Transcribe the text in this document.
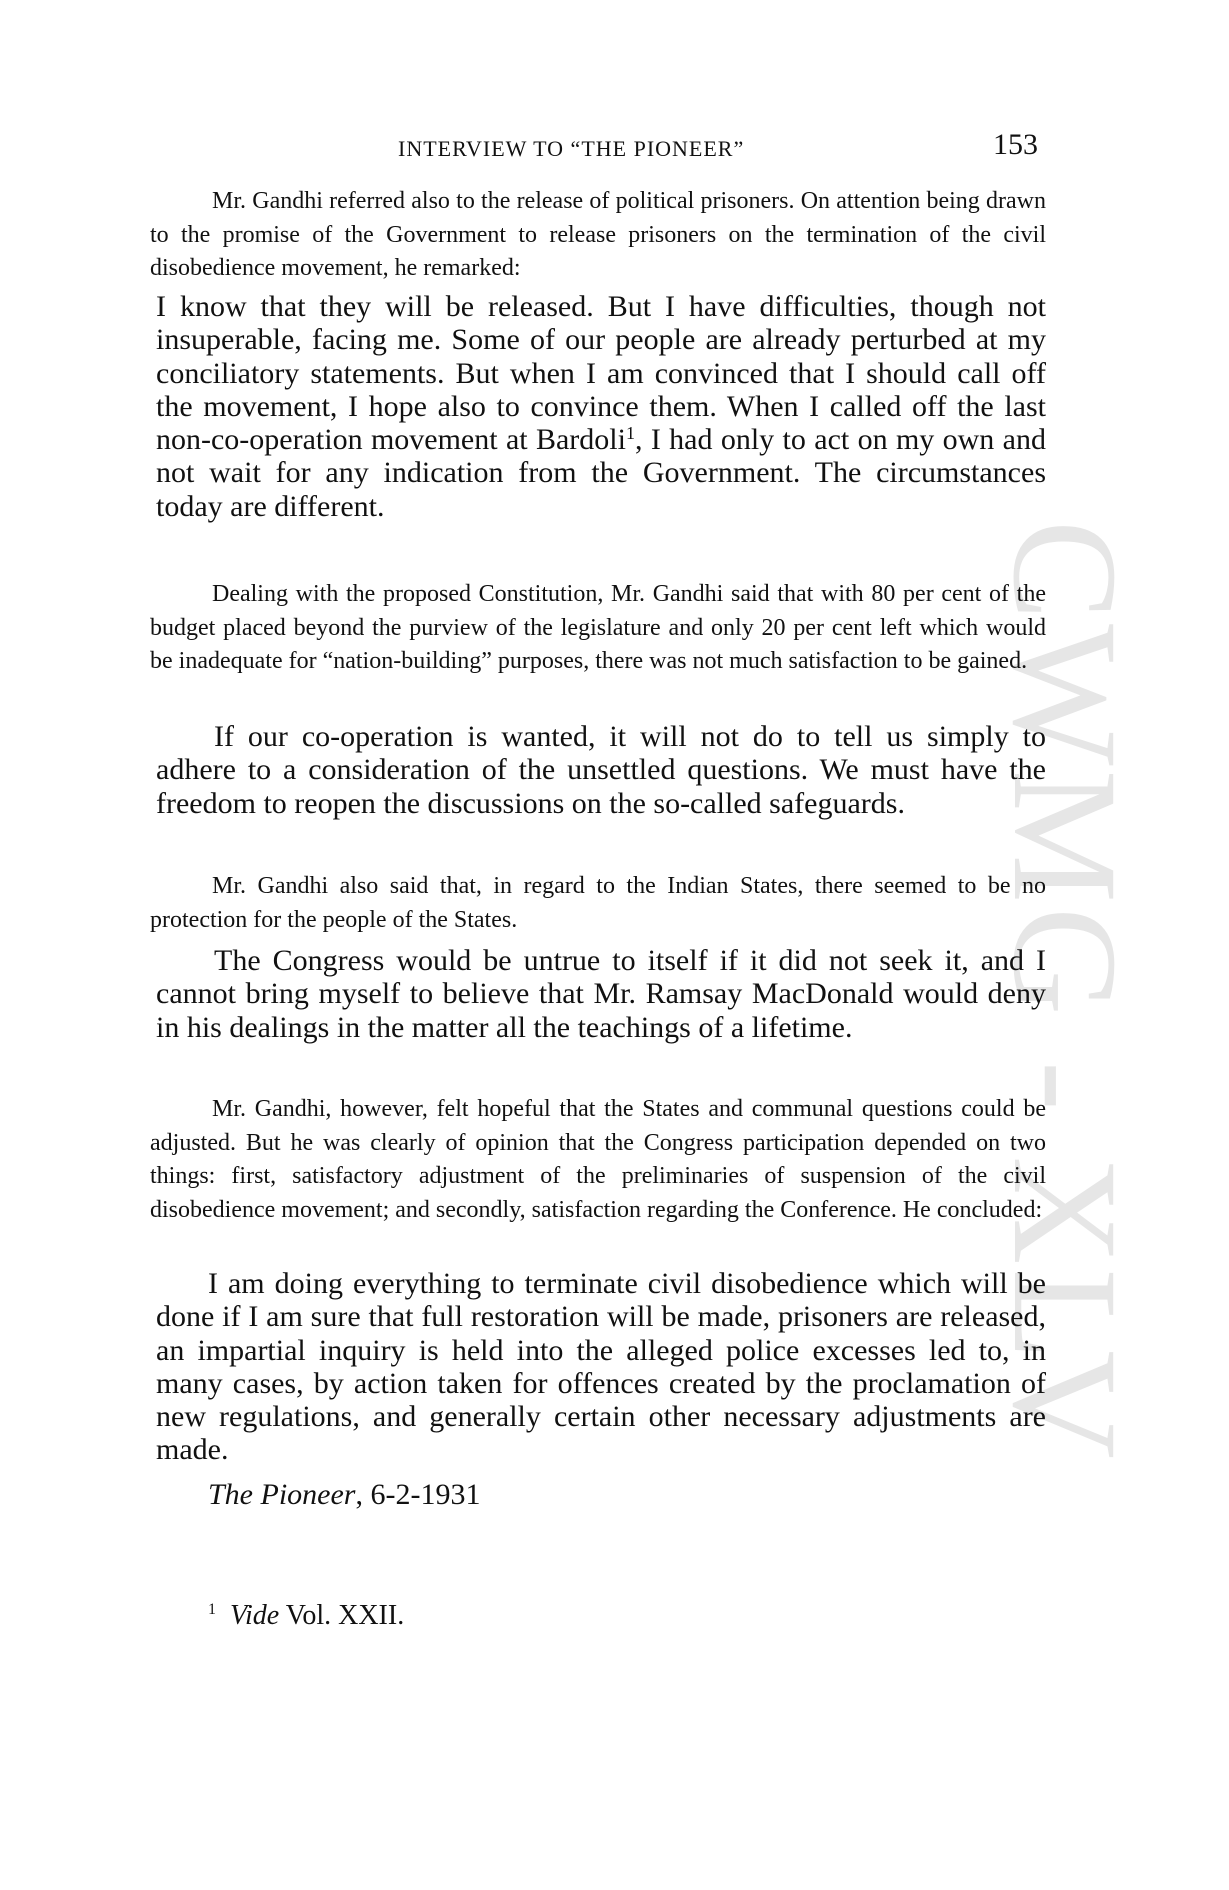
CWMG - XLV
INTERVIEW TO “THE PIONEER”	153

Mr. Gandhi referred also to the release of political prisoners. On attention being drawn to the promise of the Government to release prisoners on the termination of the civil disobedience movement, he remarked:

I know that they will be released. But I have difficulties, though not insuperable, facing me. Some of our people are already perturbed at my conciliatory statements. But when I am convinced that I should call off the movement, I hope also to convince them. When I called off the last non-co-operation movement at Bardoli$^1$, I had only to act on my own and not wait for any indication from the Government. The circumstances today are different.

Dealing with the proposed Constitution, Mr. Gandhi said that with 80 per cent of the budget placed beyond the purview of the legislature and only 20 per cent left which would be inadequate for “nation-building” purposes, there was not much satisfaction to be gained.

If our co-operation is wanted, it will not do to tell us simply to adhere to a consideration of the unsettled questions. We must have the freedom to reopen the discussions on the so-called safeguards.

Mr. Gandhi also said that, in regard to the Indian States, there seemed to be no protection for the people of the States.

The Congress would be untrue to itself if it did not seek it, and I cannot bring myself to believe that Mr. Ramsay MacDonald would deny in his dealings in the matter all the teachings of a lifetime.

Mr. Gandhi, however, felt hopeful that the States and communal questions could be adjusted. But he was clearly of opinion that the Congress participation depended on two things: first, satisfactory adjustment of the preliminaries of suspension of the civil disobedience movement; and secondly, satisfaction regarding the Conference. He concluded:

I am doing everything to terminate civil disobedience which will be done if I am sure that full restoration will be made, prisoners are released, an impartial inquiry is held into the alleged police excesses led to, in many cases, by action taken for offences created by the proclamation of new regulations, and generally certain other necessary adjustments are made.

The Pioneer, 6-2-1931
$^1$ Vide Vol. XXII.
